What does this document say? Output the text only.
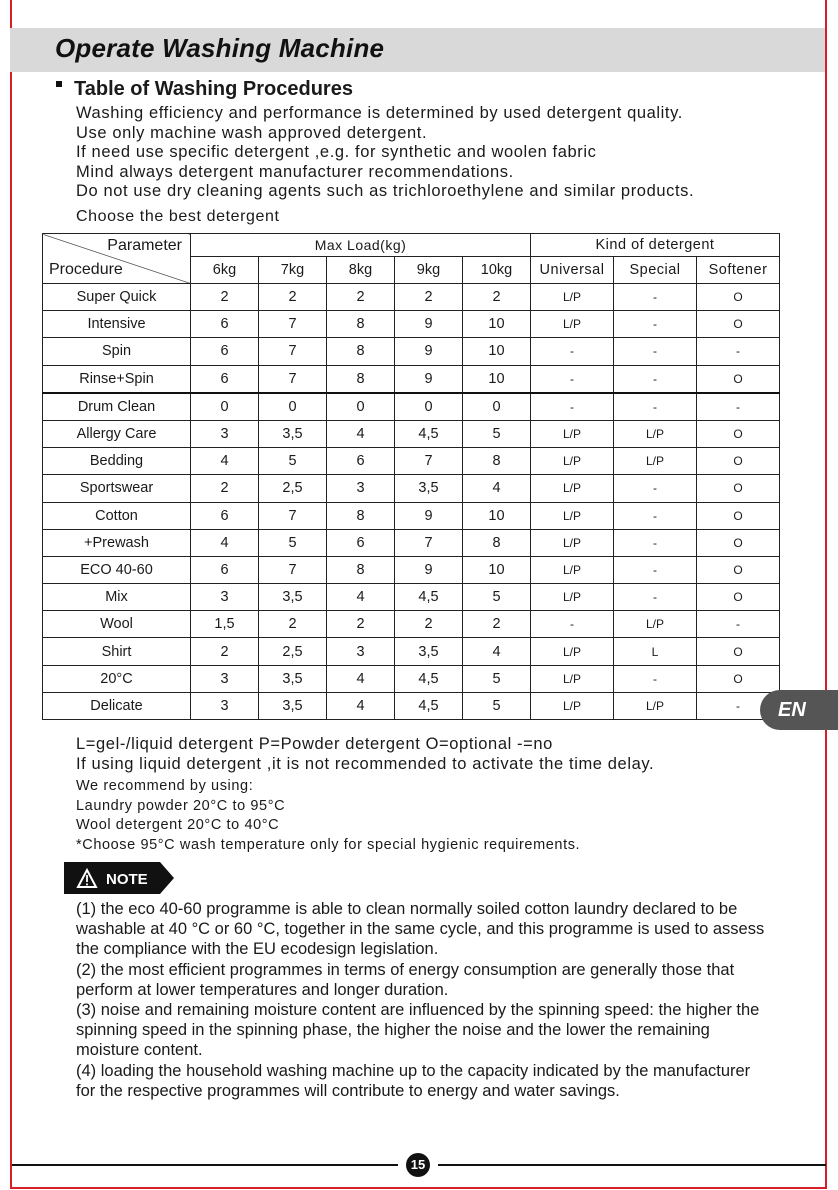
Operate Washing Machine
Table of Washing Procedures
Washing efficiency and performance is determined by used detergent quality.
Use only machine wash approved detergent.
If need use specific detergent ,e.g. for synthetic and woolen fabric
Mind always detergent manufacturer recommendations.
Do not use dry cleaning agents such as trichloroethylene and similar products.
Choose the best detergent
Parameter
Procedure	Max Load(kg)					Kind of detergent		
	6kg	7kg	8kg	9kg	10kg	Universal	Special	Softener
Super Quick	2	2	2	2	2	L/P	-	O
Intensive	6	7	8	9	10	L/P	-	O
Spin	6	7	8	9	10	-	-	-
Rinse+Spin	6	7	8	9	10	-	-	O
Drum Clean	0	0	0	0	0	-	-	-
Allergy Care	3	3,5	4	4,5	5	L/P	L/P	O
Bedding	4	5	6	7	8	L/P	L/P	O
Sportswear	2	2,5	3	3,5	4	L/P	-	O
Cotton	6	7	8	9	10	L/P	-	O
+Prewash	4	5	6	7	8	L/P	-	O
ECO 40-60	6	7	8	9	10	L/P	-	O
Mix	3	3,5	4	4,5	5	L/P	-	O
Wool	1,5	2	2	2	2	-	L/P	-
Shirt	2	2,5	3	3,5	4	L/P	L	O
20°C	3	3,5	4	4,5	5	L/P	-	O
Delicate	3	3,5	4	4,5	5	L/P	L/P	-
L=gel-/liquid detergent P=Powder detergent O=optional -=no
If using liquid detergent ,it is not recommended to activate the time delay.
We recommend by using:
Laundry powder 20°C to 95°C
Wool detergent 20°C to 40°C
*Choose 95°C wash temperature only for special hygienic requirements.
NOTE
(1) the eco 40-60 programme is able to clean normally soiled cotton laundry declared to be washable at 40 °C or 60 °C, together in the same cycle, and this programme is used to assess the compliance with the EU ecodesign legislation.
(2) the most efficient programmes in terms of energy consumption are generally those that perform at lower temperatures and longer duration.
(3) noise and remaining moisture content are influenced by the spinning speed: the higher the spinning speed in the spinning phase, the higher the noise and the lower the remaining moisture content.
(4) loading the household washing machine up to the capacity indicated by the manufacturer for the respective programmes will contribute to energy and water savings.
EN
15
